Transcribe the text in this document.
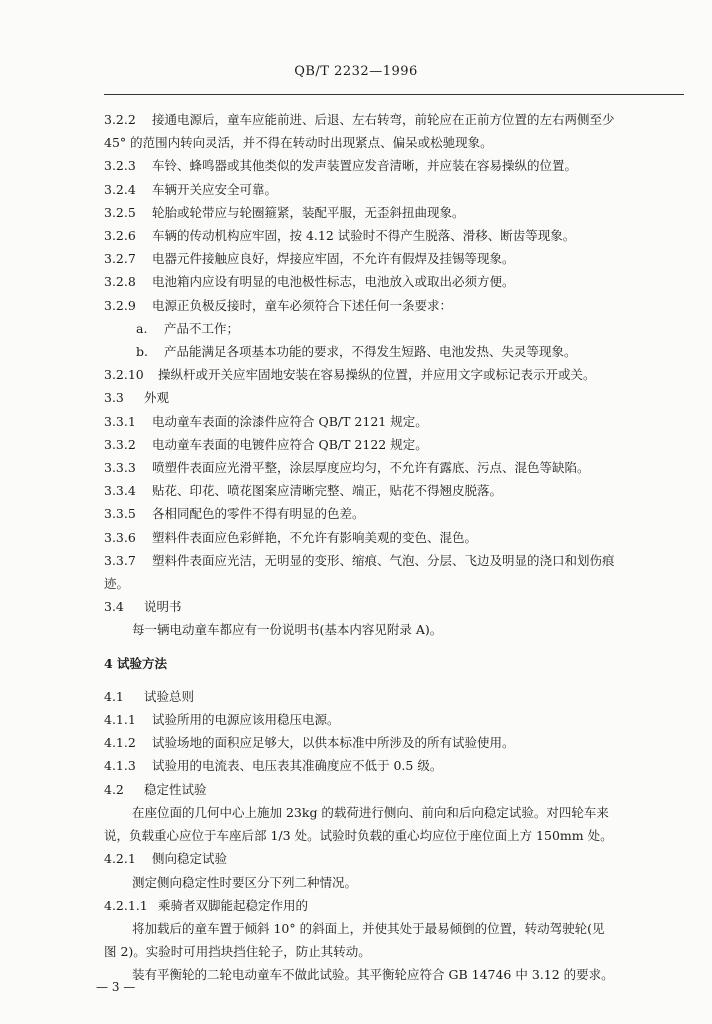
QB/T 2232—1996
3.2.2 接通电源后，童车应能前进、后退、左右转弯，前轮应在正前方位置的左右两侧至少
45° 的范围内转向灵活，并不得在转动时出现紧点、偏呆或松驰现象。
3.2.3 车铃、蜂鸣器或其他类似的发声装置应发音清晰，并应装在容易操纵的位置。
3.2.4 车辆开关应安全可靠。
3.2.5 轮胎或轮带应与轮圈箍紧，装配平服，无歪斜扭曲现象。
3.2.6 车辆的传动机构应牢固，按 4.12 试验时不得产生脱落、滑移、断齿等现象。
3.2.7 电器元件接触应良好，焊接应牢固，不允许有假焊及挂锡等现象。
3.2.8 电池箱内应设有明显的电池极性标志，电池放入或取出必须方便。
3.2.9 电源正负极反接时，童车必须符合下述任何一条要求：
a. 产品不工作；
b. 产品能满足各项基本功能的要求，不得发生短路、电池发热、失灵等现象。
3.2.10 操纵杆或开关应牢固地安装在容易操纵的位置，并应用文字或标记表示开或关。
3.3 外观
3.3.1 电动童车表面的涂漆件应符合 QB/T 2121 规定。
3.3.2 电动童车表面的电镀件应符合 QB/T 2122 规定。
3.3.3 喷塑件表面应光滑平整，涂层厚度应均匀，不允许有露底、污点、混色等缺陷。
3.3.4 贴花、印花、喷花图案应清晰完整、端正，贴花不得翘皮脱落。
3.3.5 各相同配色的零件不得有明显的色差。
3.3.6 塑料件表面应色彩鲜艳，不允许有影响美观的变色、混色。
3.3.7 塑料件表面应光洁，无明显的变形、缩痕、气泡、分层、飞边及明显的浇口和划伤痕
迹。
3.4 说明书
每一辆电动童车都应有一份说明书(基本内容见附录 A)。
4 试验方法
4.1 试验总则
4.1.1 试验所用的电源应该用稳压电源。
4.1.2 试验场地的面积应足够大，以供本标准中所涉及的所有试验使用。
4.1.3 试验用的电流表、电压表其准确度应不低于 0.5 级。
4.2 稳定性试验
在座位面的几何中心上施加 23kg 的载荷进行侧向、前向和后向稳定试验。对四轮车来
说，负载重心应位于车座后部 1/3 处。试验时负载的重心均应位于座位面上方 150mm 处。
4.2.1 侧向稳定试验
测定侧向稳定性时要区分下列二种情况。
4.2.1.1 乘骑者双脚能起稳定作用的
将加载后的童车置于倾斜 10° 的斜面上，并使其处于最易倾倒的位置，转动驾驶轮(见
图 2)。实验时可用挡块挡住轮子，防止其转动。
装有平衡轮的二轮电动童车不做此试验。其平衡轮应符合 GB 14746 中 3.12 的要求。
— 3 —
